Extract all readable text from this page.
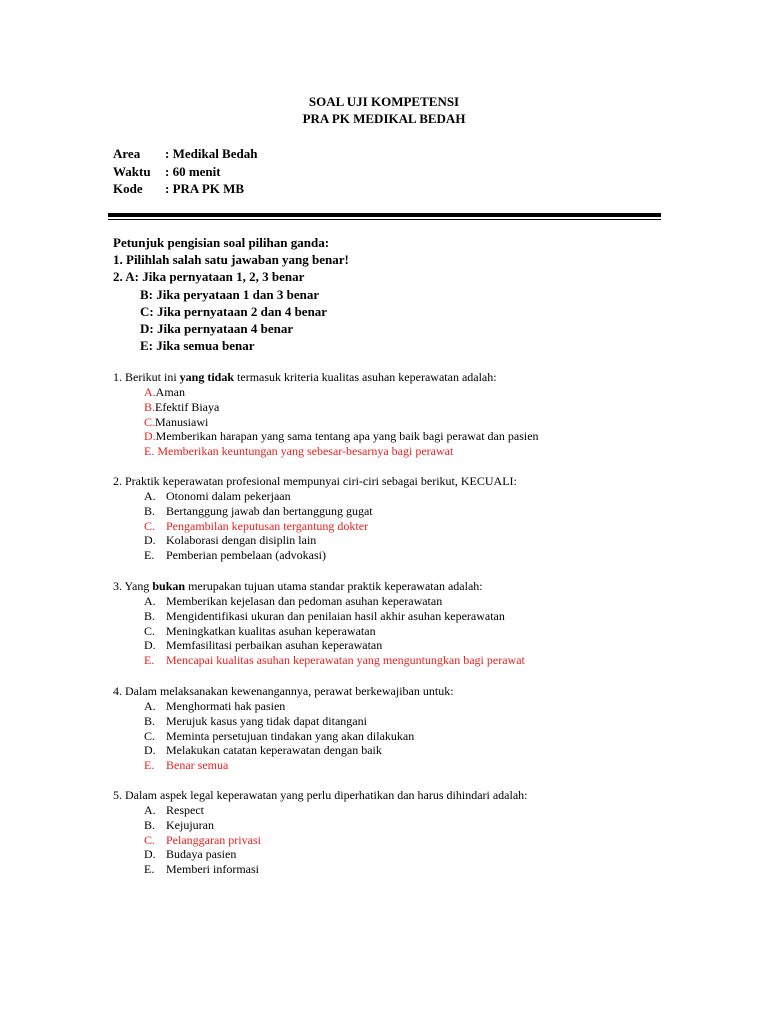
SOAL UJI KOMPETENSI
PRA PK MEDIKAL BEDAH
Area : Medikal Bedah
Waktu : 60 menit
Kode : PRA PK MB
Petunjuk pengisian soal pilihan ganda:
1. Pilihlah salah satu jawaban yang benar!
2. A: Jika pernyataan 1, 2, 3 benar
B: Jika peryataan 1 dan 3 benar
C: Jika pernyataan 2 dan 4 benar
D: Jika pernyataan 4 benar
E: Jika semua benar
1. Berikut ini yang tidak termasuk kriteria kualitas asuhan keperawatan adalah:
A.Aman
B.Efektif Biaya
C.Manusiawi
D.Memberikan harapan yang sama tentang apa yang baik bagi perawat dan pasien
E. Memberikan keuntungan yang sebesar-besarnya bagi perawat
2. Praktik keperawatan profesional mempunyai ciri-ciri sebagai berikut, KECUALI:
A. Otonomi dalam pekerjaan
B. Bertanggung jawab dan bertanggung gugat
C. Pengambilan keputusan tergantung dokter
D. Kolaborasi dengan disiplin lain
E. Pemberian pembelaan (advokasi)
3. Yang bukan merupakan tujuan utama standar praktik keperawatan adalah:
A. Memberikan kejelasan dan pedoman asuhan keperawatan
B. Mengidentifikasi ukuran dan penilaian hasil akhir asuhan keperawatan
C. Meningkatkan kualitas asuhan keperawatan
D. Memfasilitasi perbaikan asuhan keperawatan
E. Mencapai kualitas asuhan keperawatan yang menguntungkan bagi perawat
4. Dalam melaksanakan kewenangannya, perawat berkewajiban untuk:
A. Menghormati hak pasien
B. Merujuk kasus yang tidak dapat ditangani
C. Meminta persetujuan tindakan yang akan dilakukan
D. Melakukan catatan keperawatan dengan baik
E. Benar semua
5. Dalam aspek legal keperawatan yang perlu diperhatikan dan harus dihindari adalah:
A. Respect
B. Kejujuran
C. Pelanggaran privasi
D. Budaya pasien
E. Memberi informasi
